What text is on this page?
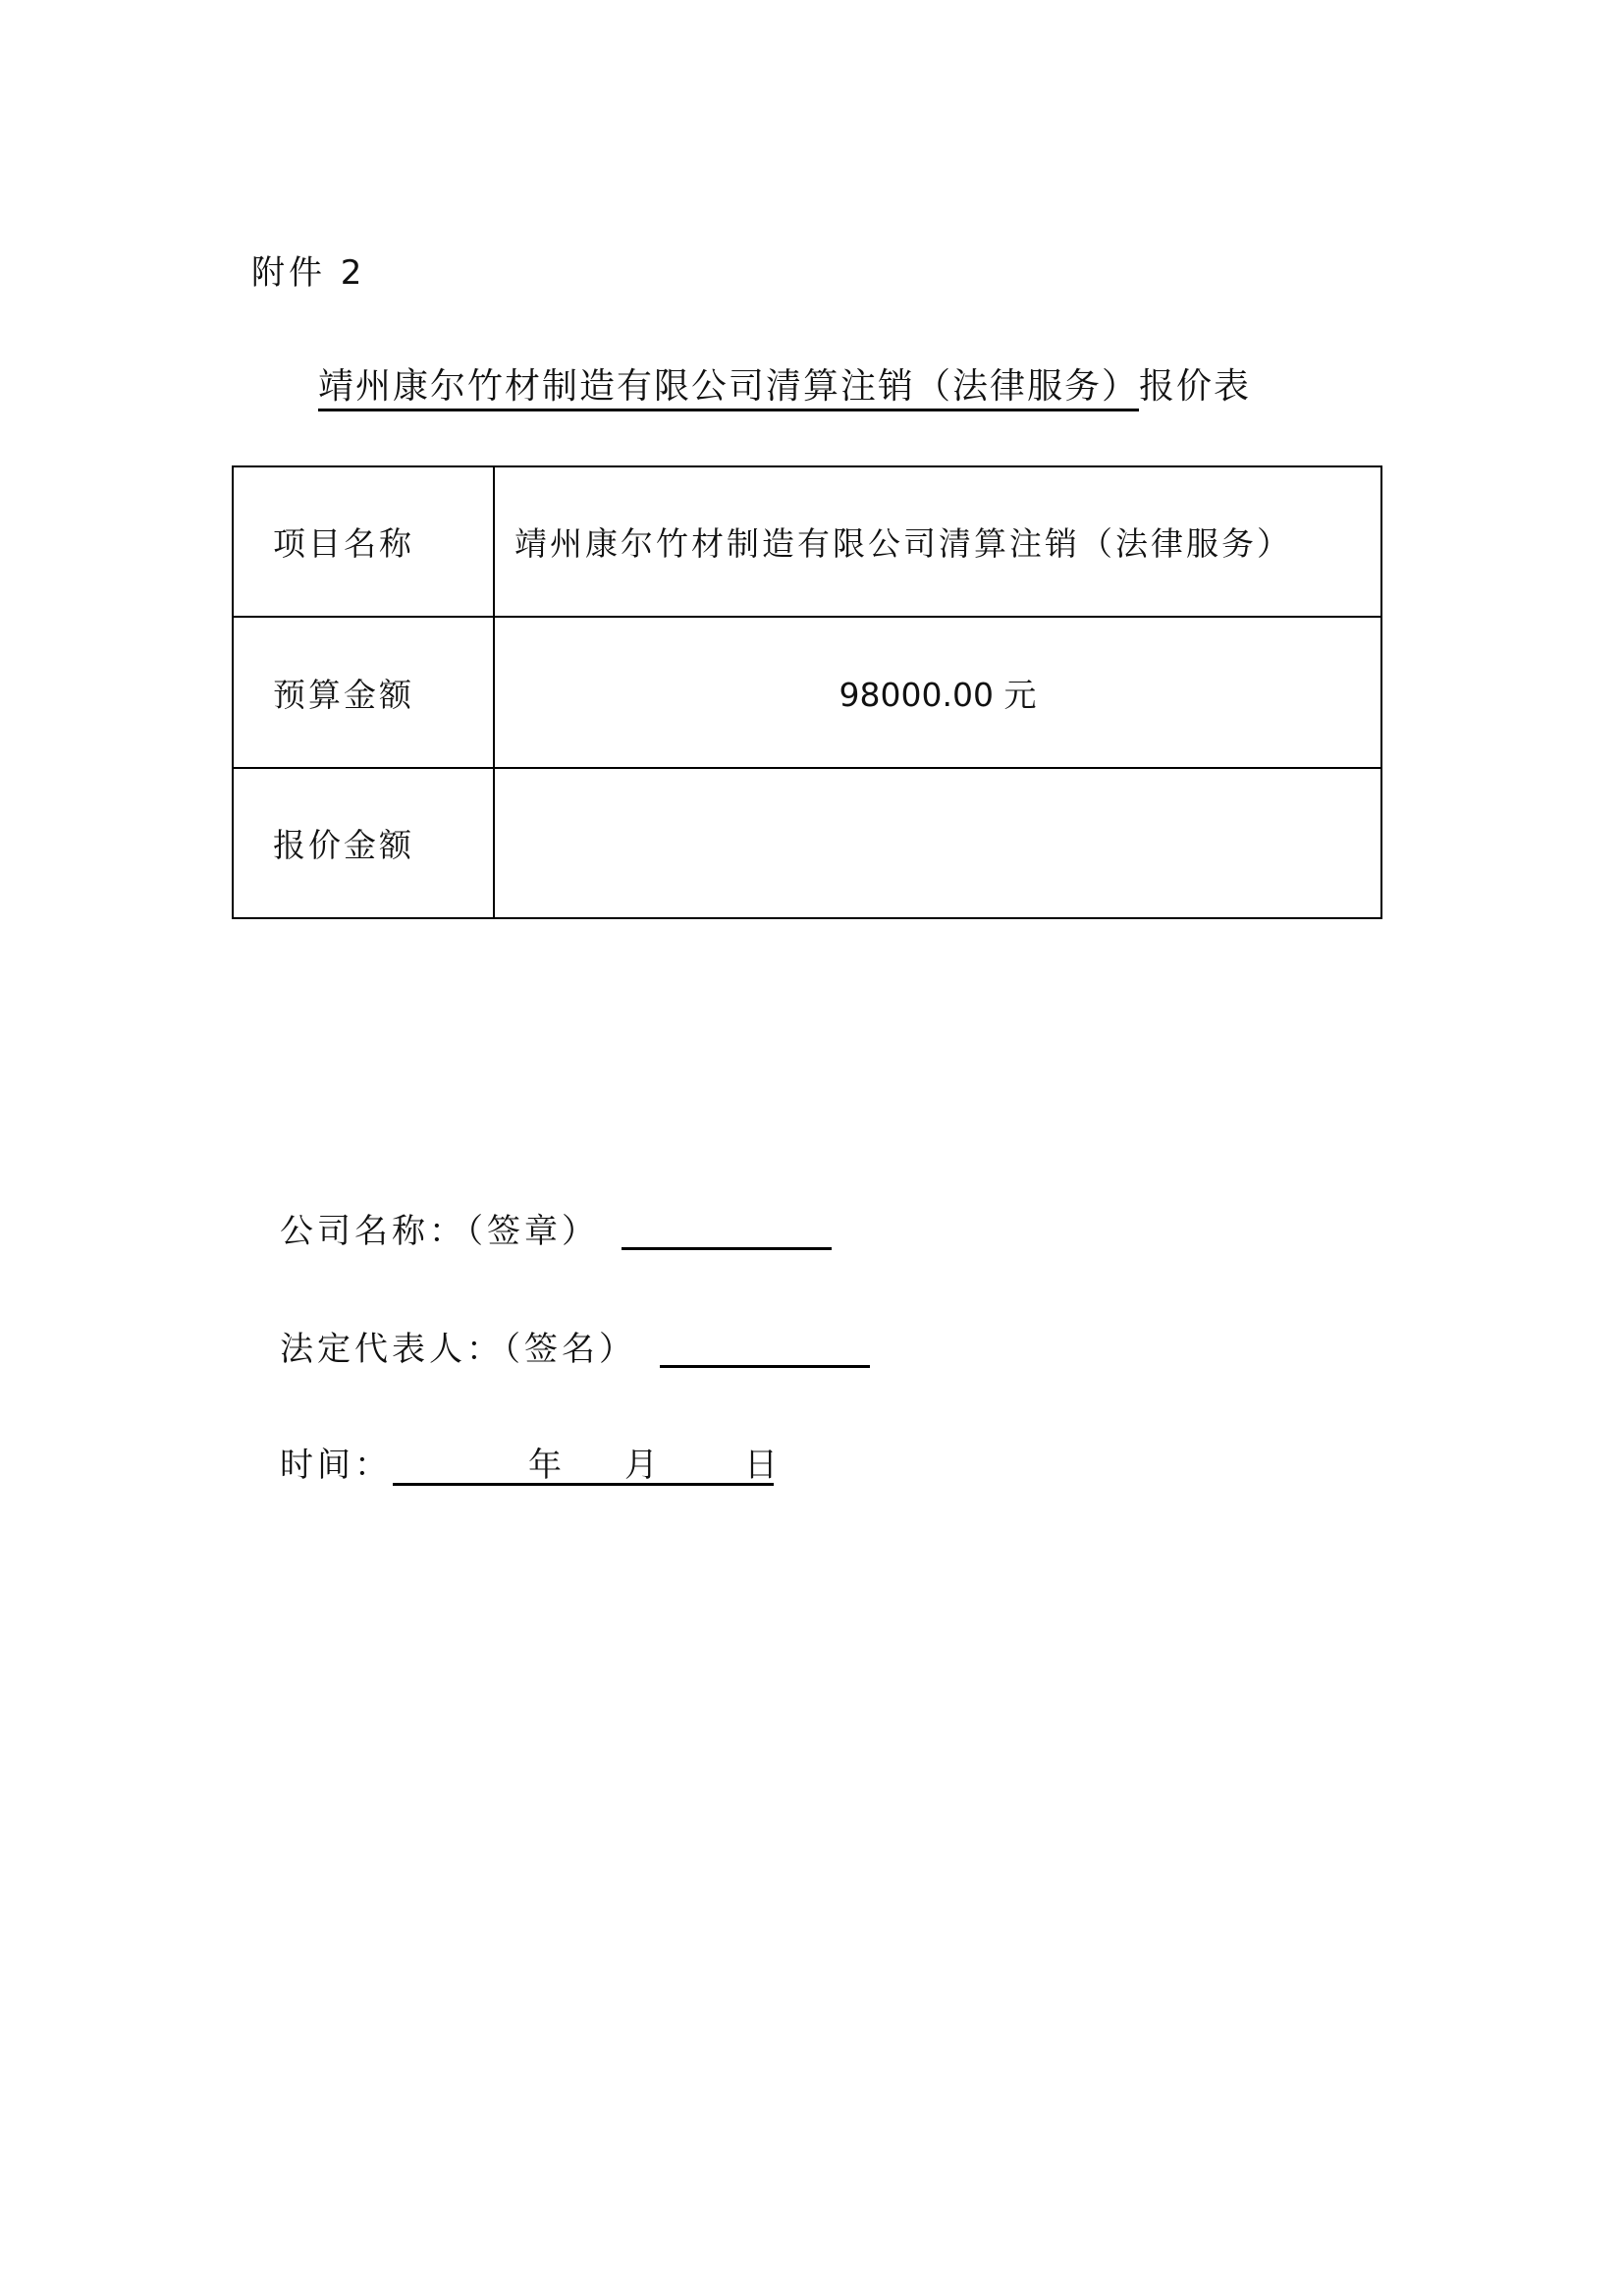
附件 2
靖州康尔竹材制造有限公司清算注销（法律服务）报价表
项目名称	靖州康尔竹材制造有限公司清算注销（法律服务）
预算金额	98000.00 元
报价金额	
公司名称：（签章）
法定代表人：（签名）
时间：	年 月	日
